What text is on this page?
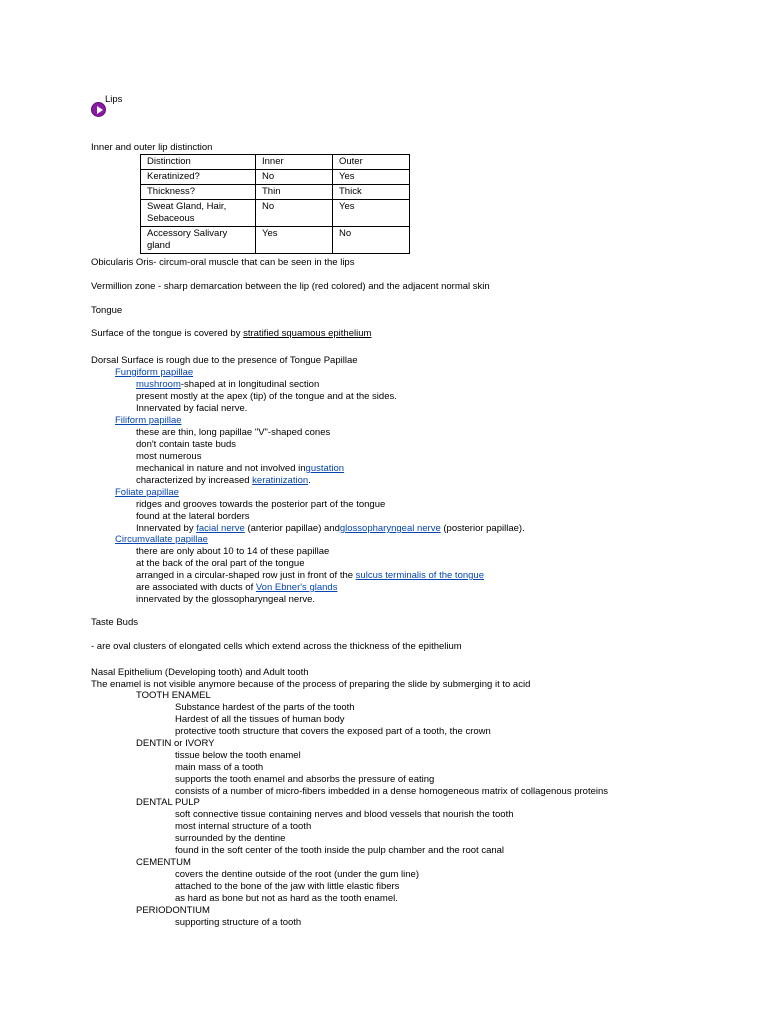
Lips
Inner and outer lip distinction
Distinction	Inner	Outer
Keratinized?	No	Yes
Thickness?	Thin	Thick
Sweat Gland, Hair, Sebaceous	No	Yes
Accessory Salivary gland	Yes	No
Obicularis Oris- circum-oral muscle that can be seen in the lips
Vermillion zone - sharp demarcation between the lip (red colored) and the adjacent normal skin
Tongue
Surface of the tongue is covered by stratified squamous epithelium
Dorsal Surface is rough due to the presence of Tongue Papillae
Fungiform papillae
mushroom-shaped at in longitudinal section
present mostly at the apex (tip) of the tongue and at the sides.
Innervated by facial nerve.
Filiform papillae
these are thin, long papillae "V"-shaped cones
don't contain taste buds
most numerous
mechanical in nature and not involved ingustation
characterized by increased keratinization.
Foliate papillae
ridges and grooves towards the posterior part of the tongue
found at the lateral borders
Innervated by facial nerve (anterior papillae) andglossopharyngeal nerve (posterior papillae).
Circumvallate papillae
there are only about 10 to 14 of these papillae
at the back of the oral part of the tongue
arranged in a circular-shaped row just in front of the sulcus terminalis of the tongue
are associated with ducts of Von Ebner's glands
innervated by the glossopharyngeal nerve.
Taste Buds
- are oval clusters of elongated cells which extend across the thickness of the epithelium
Nasal Epithelium (Developing tooth) and Adult tooth
The enamel is not visible anymore because of the process of preparing the slide by submerging it to acid
TOOTH ENAMEL
Substance hardest of the parts of the tooth
Hardest of all the tissues of human body
protective tooth structure that covers the exposed part of a tooth, the crown
DENTIN or IVORY
tissue below the tooth enamel
main mass of a tooth
supports the tooth enamel and absorbs the pressure of eating
consists of a number of micro-fibers imbedded in a dense homogeneous matrix of collagenous proteins
DENTAL PULP
soft connective tissue containing nerves and blood vessels that nourish the tooth
most internal structure of a tooth
surrounded by the dentine
found in the soft center of the tooth inside the pulp chamber and the root canal
CEMENTUM
covers the dentine outside of the root (under the gum line)
attached to the bone of the jaw with little elastic fibers
as hard as bone but not as hard as the tooth enamel.
PERIODONTIUM
supporting structure of a tooth
